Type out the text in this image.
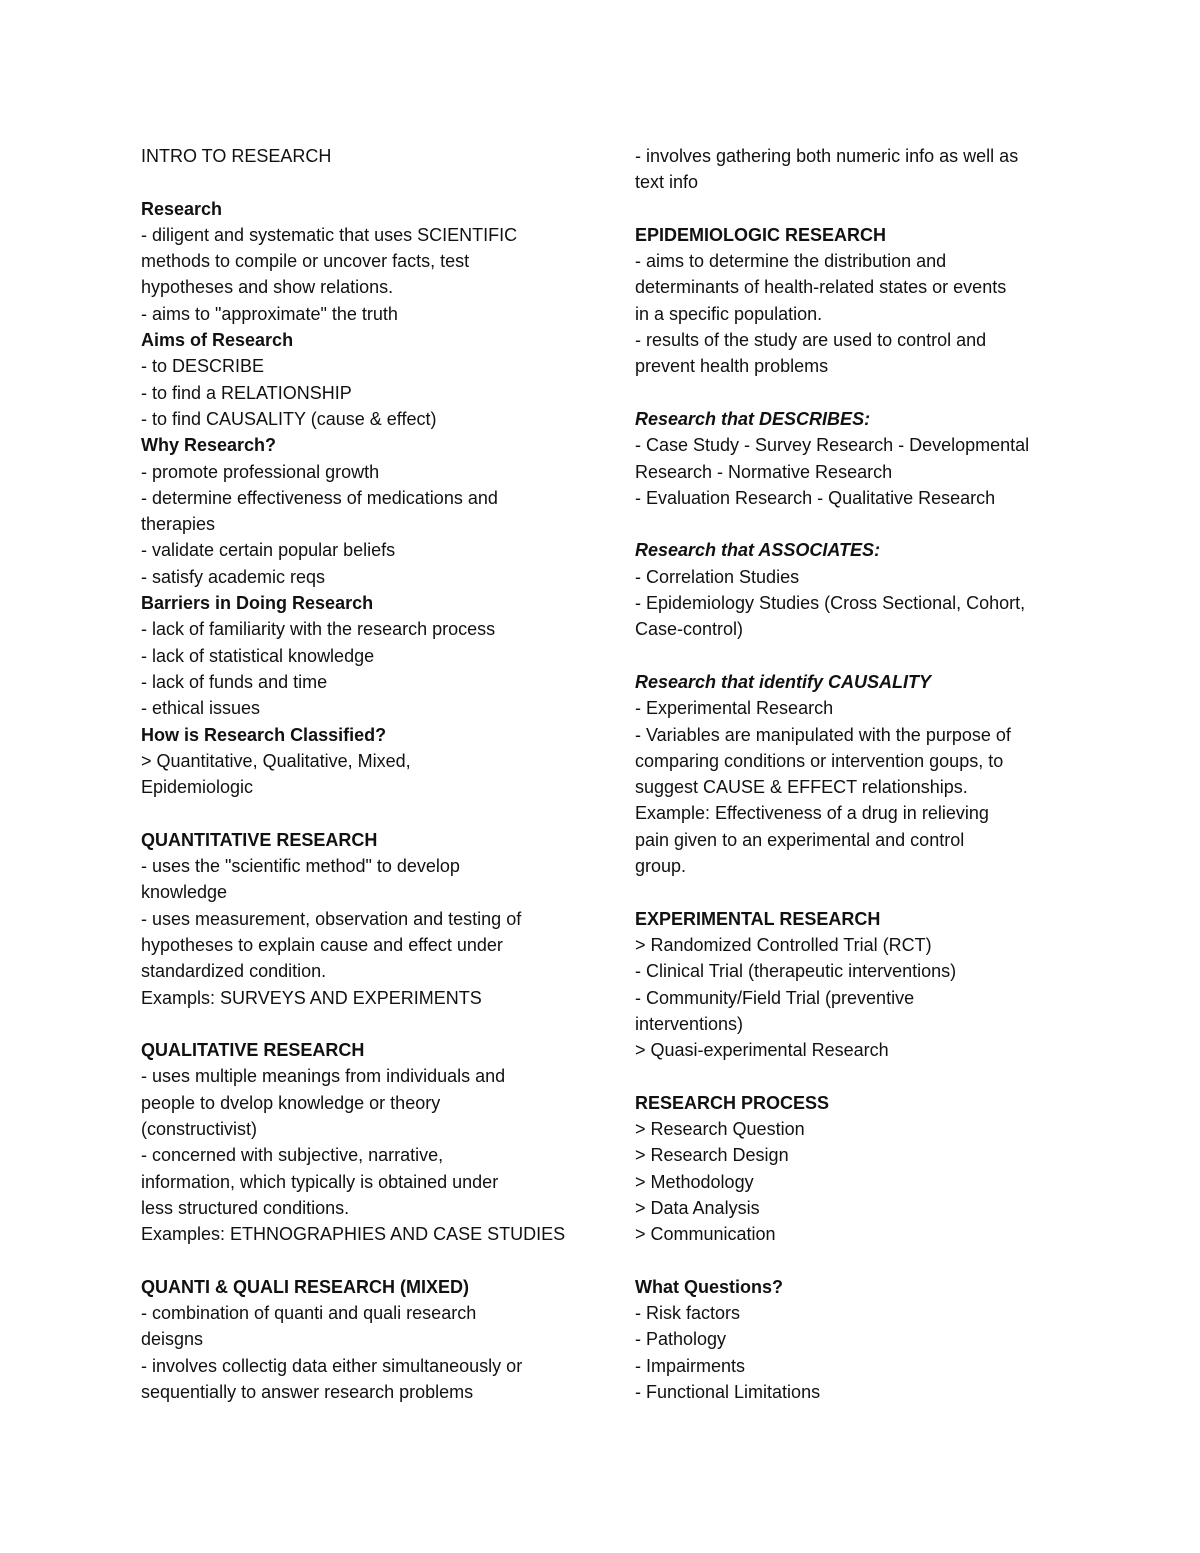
INTRO TO RESEARCH
Research
- diligent and systematic that uses SCIENTIFIC
methods to compile or uncover facts, test
hypotheses and show relations.
- aims to "approximate" the truth
Aims of Research
- to DESCRIBE
- to find a RELATIONSHIP
- to find CAUSALITY (cause & effect)
Why Research?
- promote professional growth
- determine effectiveness of medications and
therapies
- validate certain popular beliefs
- satisfy academic reqs
Barriers in Doing Research
- lack of familiarity with the research process
- lack of statistical knowledge
- lack of funds and time
- ethical issues
How is Research Classified?
> Quantitative, Qualitative, Mixed,
Epidemiologic
QUANTITATIVE RESEARCH
- uses the "scientific method" to develop
knowledge
- uses measurement, observation and testing of
hypotheses to explain cause and effect under
standardized condition.
Exampls: SURVEYS AND EXPERIMENTS
QUALITATIVE RESEARCH
- uses multiple meanings from individuals and
people to dvelop knowledge or theory
(constructivist)
- concerned with subjective, narrative,
information, which typically is obtained under
less structured conditions.
Examples: ETHNOGRAPHIES AND CASE STUDIES
QUANTI & QUALI RESEARCH (MIXED)
- combination of quanti and quali research
deisgns
- involves collectig data either simultaneously or
sequentially to answer research problems
- involves gathering both numeric info as well as
text info
EPIDEMIOLOGIC RESEARCH
- aims to determine the distribution and
determinants of health-related states or events
in a specific population.
- results of the study are used to control and
prevent health problems
Research that DESCRIBES:
- Case Study - Survey Research - Developmental
Research - Normative Research
- Evaluation Research - Qualitative Research
Research that ASSOCIATES:
- Correlation Studies
- Epidemiology Studies (Cross Sectional, Cohort,
Case-control)
Research that identify CAUSALITY
- Experimental Research
- Variables are manipulated with the purpose of
comparing conditions or intervention goups, to
suggest CAUSE & EFFECT relationships.
Example: Effectiveness of a drug in relieving
pain given to an experimental and control
group.
EXPERIMENTAL RESEARCH
> Randomized Controlled Trial (RCT)
- Clinical Trial (therapeutic interventions)
- Community/Field Trial (preventive
interventions)
> Quasi-experimental Research
RESEARCH PROCESS
> Research Question
> Research Design
> Methodology
> Data Analysis
> Communication
What Questions?
- Risk factors
- Pathology
- Impairments
- Functional Limitations
